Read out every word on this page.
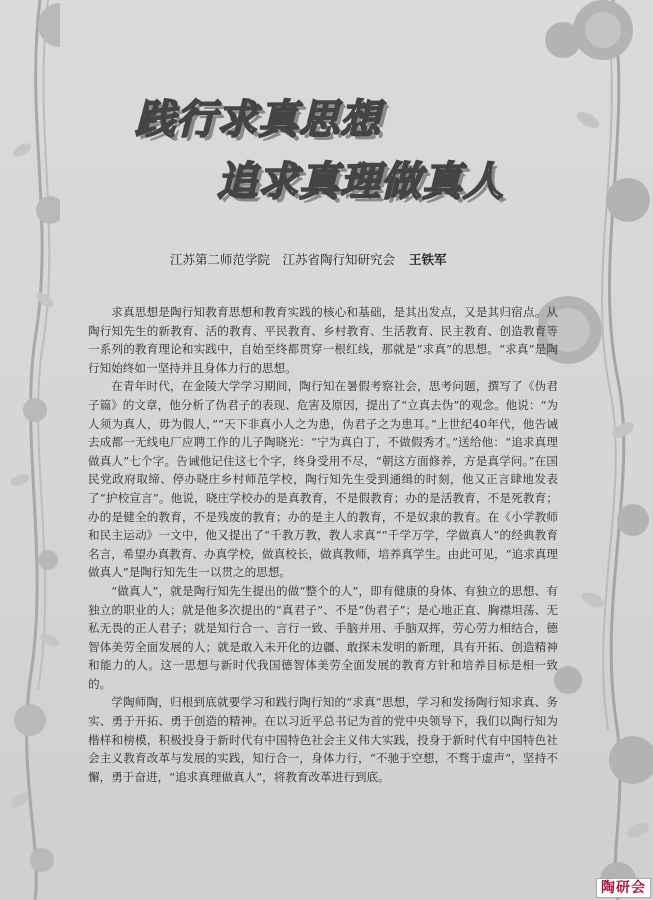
践行求真思想
追求真理做真人
江苏第二师范学院　江苏省陶行知研究会 王铁军

求真思想是陶行知教育思想和教育实践的核心和基础，是其出发点，又是其归宿点。从陶行知先生的新教育、活的教育、平民教育、乡村教育、生活教育、民主教育、创造教育等一系列的教育理论和实践中，自始至终都贯穿一根红线，那就是“求真”的思想。“求真”是陶行知始终如一坚持并且身体力行的思想。

在青年时代，在金陵大学学习期间，陶行知在暑假考察社会，思考问题，撰写了《伪君子篇》的文章，他分析了伪君子的表现、危害及原因，提出了“立真去伪”的观念。他说：“为人须为真人，毋为假人，”“天下非真小人之为患，伪君子之为患耳。”上世纪40年代，他告诫去成都一无线电厂应聘工作的儿子陶晓光：“宁为真白丁，不做假秀才。”送给他：“追求真理做真人”七个字。告诫他记住这七个字，终身受用不尽，“朝这方面修养，方是真学问。”在国民党政府取缔、停办晓庄乡村师范学校，陶行知先生受到通缉的时刻，他又正言肆地发表了“护校宣言”。他说，晓庄学校办的是真教育，不是假教育；办的是活教育，不是死教育；办的是健全的教育，不是残废的教育；办的是主人的教育，不是奴隶的教育。在《小学教师和民主运动》一文中，他又提出了“千教万教，教人求真”“千学万学，学做真人”的经典教育名言，希望办真教育、办真学校，做真校长，做真教师，培养真学生。由此可见，“追求真理做真人”是陶行知先生一以贯之的思想。

“做真人”，就是陶行知先生提出的做“整个的人”，即有健康的身体、有独立的思想、有独立的职业的人；就是他多次提出的“真君子”、不是“伪君子”；是心地正直、胸襟坦荡、无私无畏的正人君子；就是知行合一、言行一致、手脑并用、手脑双挥，劳心劳力相结合，德智体美劳全面发展的人；就是敢入未开化的边疆、敢探未发明的新理，具有开拓、创造精神和能力的人。这一思想与新时代我国德智体美劳全面发展的教育方针和培养目标是相一致的。

学陶师陶，归根到底就要学习和践行陶行知的“求真”思想，学习和发扬陶行知求真、务实、勇于开拓、勇于创造的精神。在以习近平总书记为首的党中央领导下，我们以陶行知为楷样和榜模，积极投身于新时代有中国特色社会主义伟大实践，投身于新时代有中国特色社会主义教育改革与发展的实践，知行合一，身体力行，“不驰于空想，不骛于虚声”，坚持不懈，勇于奋进，“追求真理做真人”，将教育改革进行到底。

陶研会
